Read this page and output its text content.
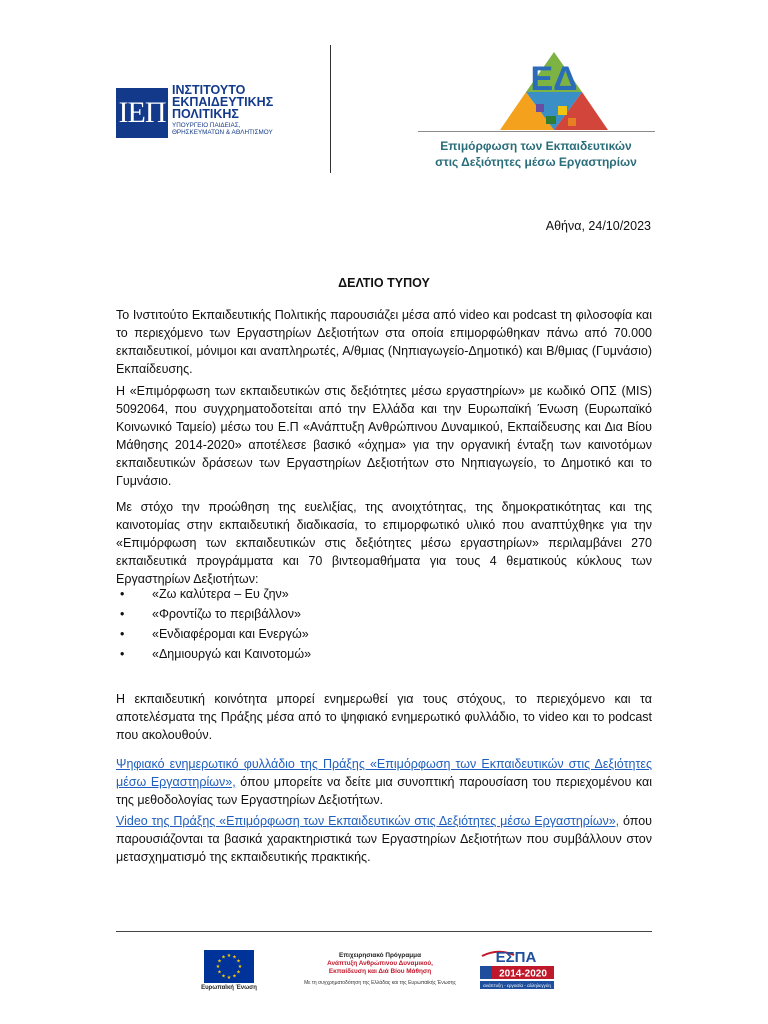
ΙΕΠ
ΙΝΣΤΙΤΟΥΤΟ
ΕΚΠΑΙΔΕΥΤΙΚΗΣ
ΠΟΛΙΤΙΚΗΣ
ΥΠΟΥΡΓΕΙΟ ΠΑΙΔΕΙΑΣ,
ΘΡΗΣΚΕΥΜΑΤΩΝ & ΑΘΛΗΤΙΣΜΟΥ
ΕΔ
Επιμόρφωση των Εκπαιδευτικών
στις Δεξιότητες μέσω Εργαστηρίων
Αθήνα, 24/10/2023
ΔΕΛΤΙΟ ΤΥΠΟΥ

Το Ινστιτούτο Εκπαιδευτικής Πολιτικής παρουσιάζει μέσα από video και podcast τη φιλοσοφία και το περιεχόμενο των Εργαστηρίων Δεξιοτήτων στα οποία επιμορφώθηκαν πάνω από 70.000 εκπαιδευτικοί, μόνιμοι και αναπληρωτές, Α/θμιας (Νηπιαγωγείο-Δημοτικό) και Β/θμιας (Γυμνάσιο) Εκπαίδευσης.

Η «Επιμόρφωση των εκπαιδευτικών στις δεξιότητες μέσω εργαστηρίων» με κωδικό ΟΠΣ (MIS) 5092064, που συγχρηματοδοτείται από την Ελλάδα και την Ευρωπαϊκή Ένωση (Ευρωπαϊκό Κοινωνικό Ταμείο) μέσω του Ε.Π «Ανάπτυξη Ανθρώπινου Δυναμικού, Εκπαίδευσης και Δια Βίου Μάθησης 2014-2020» αποτέλεσε βασικό «όχημα» για την οργανική ένταξη των καινοτόμων εκπαιδευτικών δράσεων των Εργαστηρίων Δεξιοτήτων στο Νηπιαγωγείο, το Δημοτικό και το Γυμνάσιο.

Με στόχο την προώθηση της ευελιξίας, της ανοιχτότητας, της δημοκρατικότητας και της καινοτομίας στην εκπαιδευτική διαδικασία, το επιμορφωτικό υλικό που αναπτύχθηκε για την «Επιμόρφωση των εκπαιδευτικών στις δεξιότητες μέσω εργαστηρίων» περιλαμβάνει 270 εκπαιδευτικά προγράμματα και 70 βιντεομαθήματα για τους 4 θεματικούς κύκλους των Εργαστηρίων Δεξιοτήτων:

• «Ζω καλύτερα – Ευ ζην»
• «Φροντίζω το περιβάλλον»
• «Ενδιαφέρομαι και Ενεργώ»
• «Δημιουργώ και Καινοτομώ»

Η εκπαιδευτική κοινότητα μπορεί ενημερωθεί για τους στόχους, το περιεχόμενο και τα αποτελέσματα της Πράξης μέσα από το ψηφιακό ενημερωτικό φυλλάδιο, το video και το podcast που ακολουθούν.

Ψηφιακό ενημερωτικό φυλλάδιο της Πράξης «Επιμόρφωση των Εκπαιδευτικών στις Δεξιότητες μέσω Εργαστηρίων», όπου μπορείτε να δείτε μια συνοπτική παρουσίαση του περιεχομένου και της μεθοδολογίας των Εργαστηρίων Δεξιοτήτων.

Video της Πράξης «Επιμόρφωση των Εκπαιδευτικών στις Δεξιότητες μέσω Εργαστηρίων», όπου παρουσιάζονται τα βασικά χαρακτηριστικά των Εργαστηρίων Δεξιοτήτων που συμβάλλουν στον μετασχηματισμό της εκπαιδευτικής πρακτικής.

★ ★
★
★
★
★
★
★
★
★
★
★
Ευρωπαϊκή Ένωση
Επιχειρησιακό Πρόγραμμα
Ανάπτυξη Ανθρώπινου Δυναμικού,
Εκπαίδευση και Διά Βίου Μάθηση
Με τη συγχρηματοδότηση της Ελλάδας και της Ευρωπαϊκής Ένωσης
ΕΣΠΑ
2014-2020
ανάπτυξη - εργασία - αλληλεγγύη
